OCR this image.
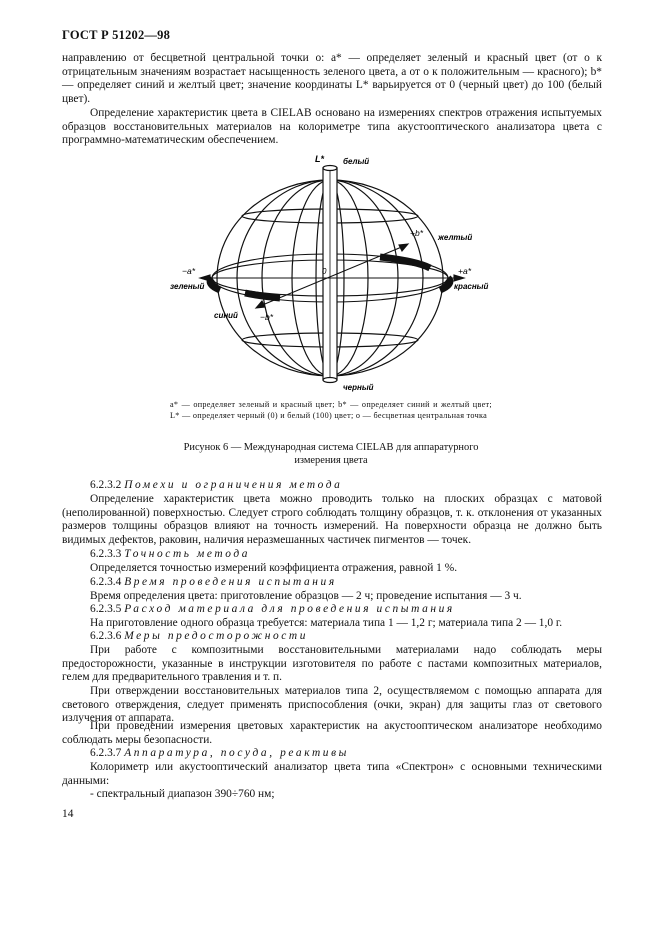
ГОСТ Р 51202—98
направлению от бесцветной центральной точки o: a* — определяет зеленый и красный цвет (от o к отрицательным значениям возрастает насыщенность зеленого цвета, а от o к положительным — красного); b* — определяет синий и желтый цвет; значение координаты L* варьируется от 0 (черный цвет) до 100 (белый цвет).
Определение характеристик цвета в CIELAB основано на измерениях спектров отражения испытуемых образцов восстановительных материалов на колориметре типа акустооптического анализатора цвета с программно-математическим обеспечением.
L* белый
+b* желтый
−a*
зеленый
0	+a*
красный
синий	−b*
черный
a* — определяет зеленый и красный цвет; b* — определяет синий и желтый цвет; L* — определяет черный (0) и белый (100) цвет; o — бесцветная центральная точка
Рисунок 6 — Международная система CIELAB для аппаратурного измерения цвета
6.2.3.2 Помехи и ограничения метода
Определение характеристик цвета можно проводить только на плоских образцах с матовой (неполированной) поверхностью. Следует строго соблюдать толщину образцов, т. к. отклонения от указанных размеров толщины образцов влияют на точность измерений. На поверхности образца не должно быть видимых дефектов, раковин, наличия неразмешанных частичек пигментов — точек.
6.2.3.3 Точность метода
Определяется точностью измерений коэффициента отражения, равной 1 %.
6.2.3.4 Время проведения испытания
Время определения цвета: приготовление образцов — 2 ч; проведение испытания — 3 ч.
6.2.3.5 Расход материала для проведения испытания
На приготовление одного образца требуется: материала типа 1 — 1,2 г; материала типа 2 — 1,0 г.
6.2.3.6 Меры предосторожности
При работе с композитными восстановительными материалами надо соблюдать меры предосторожности, указанные в инструкции изготовителя по работе с пастами композитных материалов, гелем для предварительного травления и т. п.
При отверждении восстановительных материалов типа 2, осуществляемом с помощью аппарата для светового отверждения, следует применять приспособления (очки, экран) для защиты глаз от светового излучения от аппарата.
При проведении измерения цветовых характеристик на акустооптическом анализаторе необходимо соблюдать меры безопасности.
6.2.3.7 Аппаратура, посуда, реактивы
Колориметр или акустооптический анализатор цвета типа «Спектрон» с основными техническими данными:
- спектральный диапазон 390÷760 нм;
14
